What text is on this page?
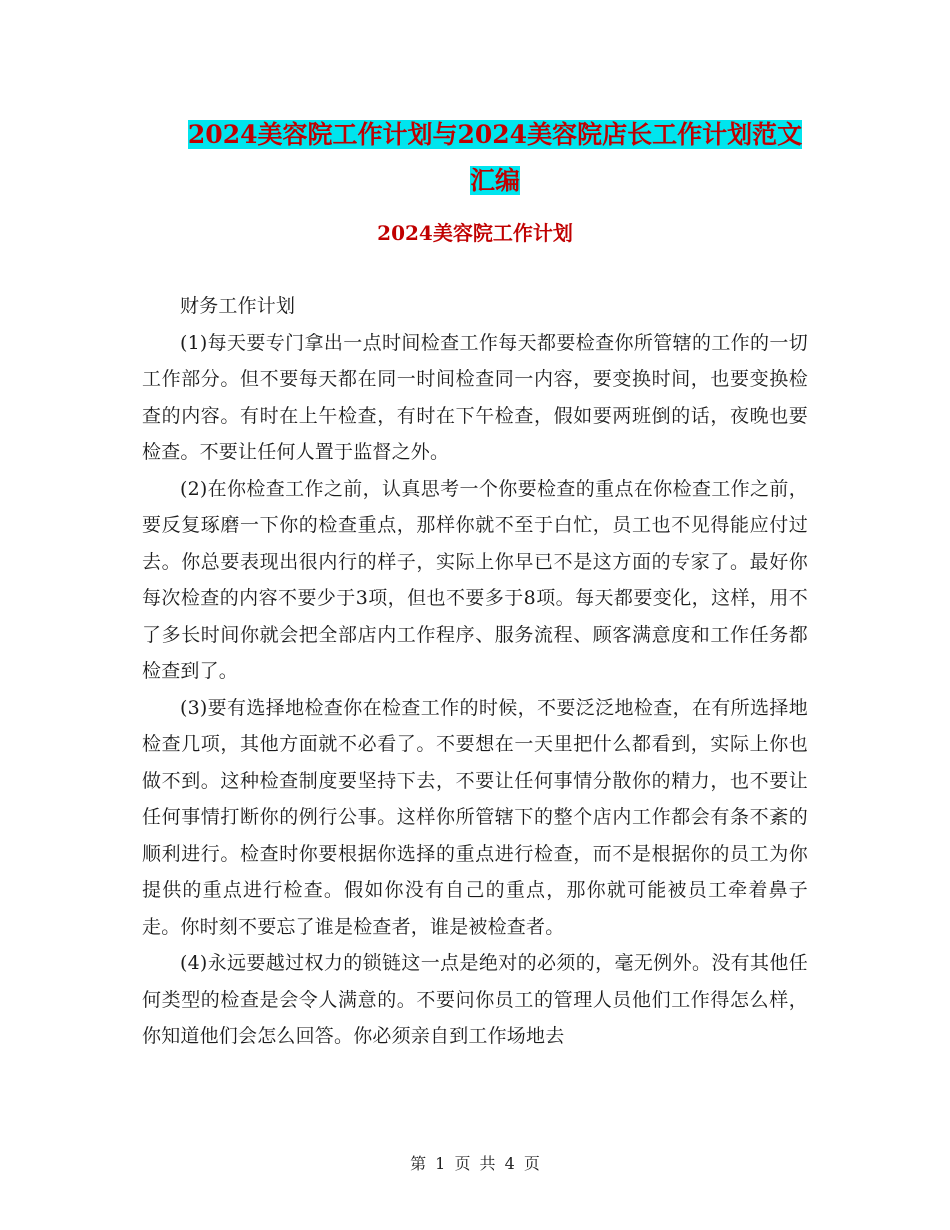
2024美容院工作计划与2024美容院店长工作计划范文
汇编
2024美容院工作计划

财务工作计划

(1)每天要专门拿出一点时间检查工作每天都要检查你所管辖的工作的一切工作部分。但不要每天都在同一时间检查同一内容，要变换时间，也要变换检查的内容。有时在上午检查，有时在下午检查，假如要两班倒的话，夜晚也要检查。不要让任何人置于监督之外。

(2)在你检查工作之前，认真思考一个你要检查的重点在你检查工作之前，要反复琢磨一下你的检查重点，那样你就不至于白忙，员工也不见得能应付过去。你总要表现出很内行的样子，实际上你早已不是这方面的专家了。最好你每次检查的内容不要少于3项，但也不要多于8项。每天都要变化，这样，用不了多长时间你就会把全部店内工作程序、服务流程、顾客满意度和工作任务都检查到了。

(3)要有选择地检查你在检查工作的时候，不要泛泛地检查，在有所选择地检查几项，其他方面就不必看了。不要想在一天里把什么都看到，实际上你也做不到。这种检查制度要坚持下去，不要让任何事情分散你的精力，也不要让任何事情打断你的例行公事。这样你所管辖下的整个店内工作都会有条不紊的顺利进行。检查时你要根据你选择的重点进行检查，而不是根据你的员工为你提供的重点进行检查。假如你没有自己的重点，那你就可能被员工牵着鼻子走。你时刻不要忘了谁是检查者，谁是被检查者。

(4)永远要越过权力的锁链这一点是绝对的必须的，毫无例外。没有其他任何类型的检查是会令人满意的。不要问你员工的管理人员他们工作得怎么样，你知道他们会怎么回答。你必须亲自到工作场地去

第 1 页 共 4 页
